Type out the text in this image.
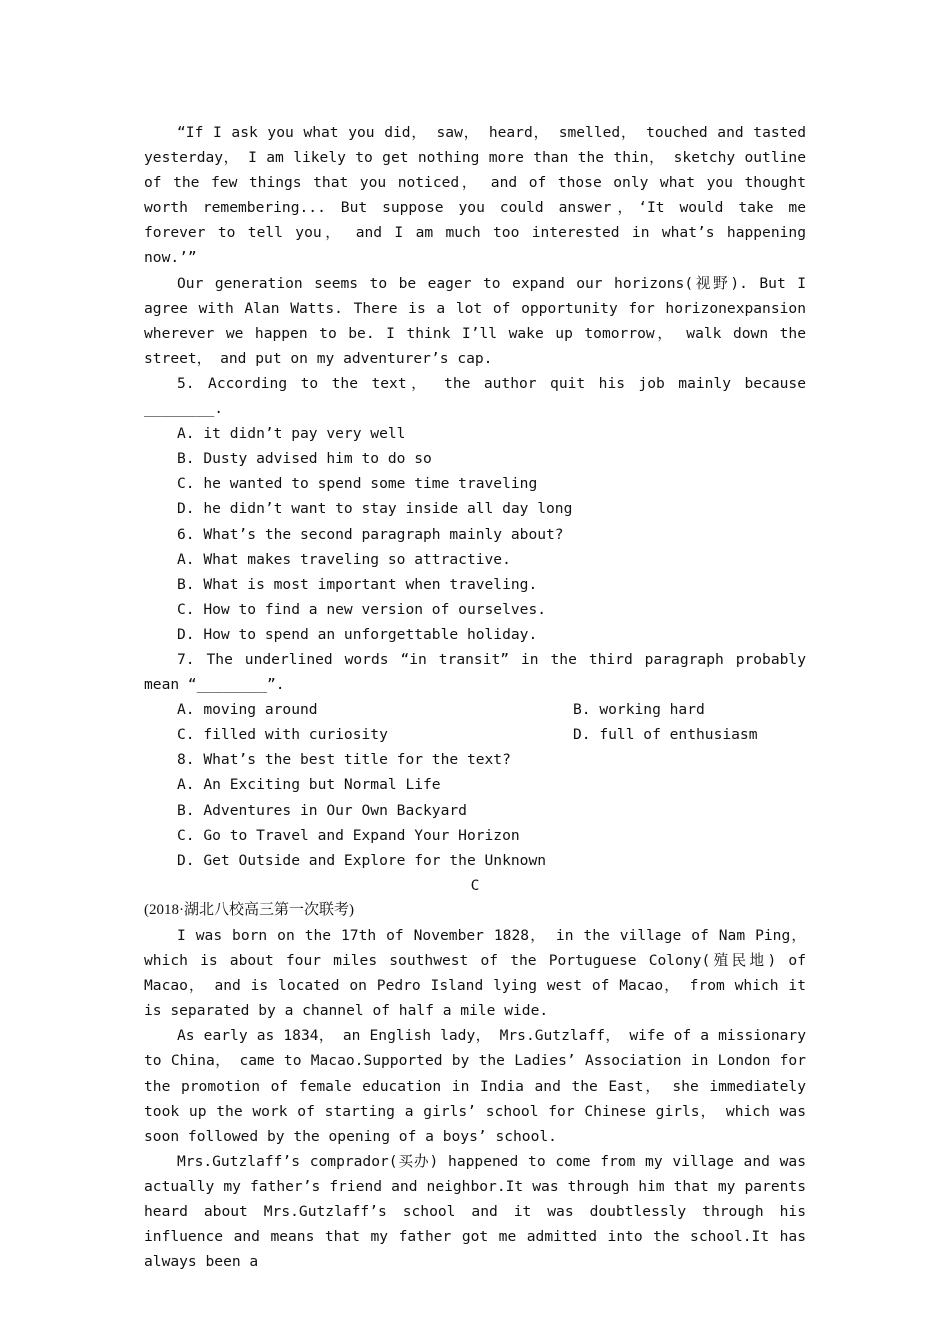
“If I ask you what you did， saw， heard， smelled， touched and tasted yesterday， I am likely to get nothing more than the thin， sketchy outline of the few things that you noticed， and of those only what you thought worth remembering... But suppose you could answer，‘It would take me forever to tell you， and I am much too interested in what’s happening now.’”

Our generation seems to be eager to expand our horizons(视野). But I agree with Alan Watts. There is a lot of opportunity for horizonexpansion wherever we happen to be. I think I’ll wake up tomorrow， walk down the street， and put on my adventurer’s cap.

5. According to the text， the author quit his job mainly because ________.

A. it didn’t pay very well

B. Dusty advised him to do so

C. he wanted to spend some time traveling

D. he didn’t want to stay inside all day long

6. What’s the second paragraph mainly about?

A. What makes traveling so attractive.

B. What is most important when traveling.

C. How to find a new version of ourselves.

D. How to spend an unforgettable holiday.

7. The underlined words “in transit” in the third paragraph probably mean “________”.

A. moving around	B. working hard
C. filled with curiosity	D. full of enthusiasm

8. What’s the best title for the text?

A. An Exciting but Normal Life

B. Adventures in Our Own Backyard

C. Go to Travel and Expand Your Horizon

D. Get Outside and Explore for the Unknown

C

(2018·湖北八校高三第一次联考)

I was born on the 17th of November 1828， in the village of Nam Ping， which is about four miles southwest of the Portuguese Colony(殖民地) of Macao， and is located on Pedro Island lying west of Macao， from which it is separated by a channel of half a mile wide.

As early as 1834， an English lady， Mrs.Gutzlaff， wife of a missionary to China， came to Macao.Supported by the Ladies’ Association in London for the promotion of female education in India and the East， she immediately took up the work of starting a girls’ school for Chinese girls， which was soon followed by the opening of a boys’ school.

Mrs.Gutzlaff’s comprador(买办) happened to come from my village and was actually my father’s friend and neighbor.It was through him that my parents heard about Mrs.Gutzlaff’s school and it was doubtlessly through his influence and means that my father got me admitted into the school.It has always been a
